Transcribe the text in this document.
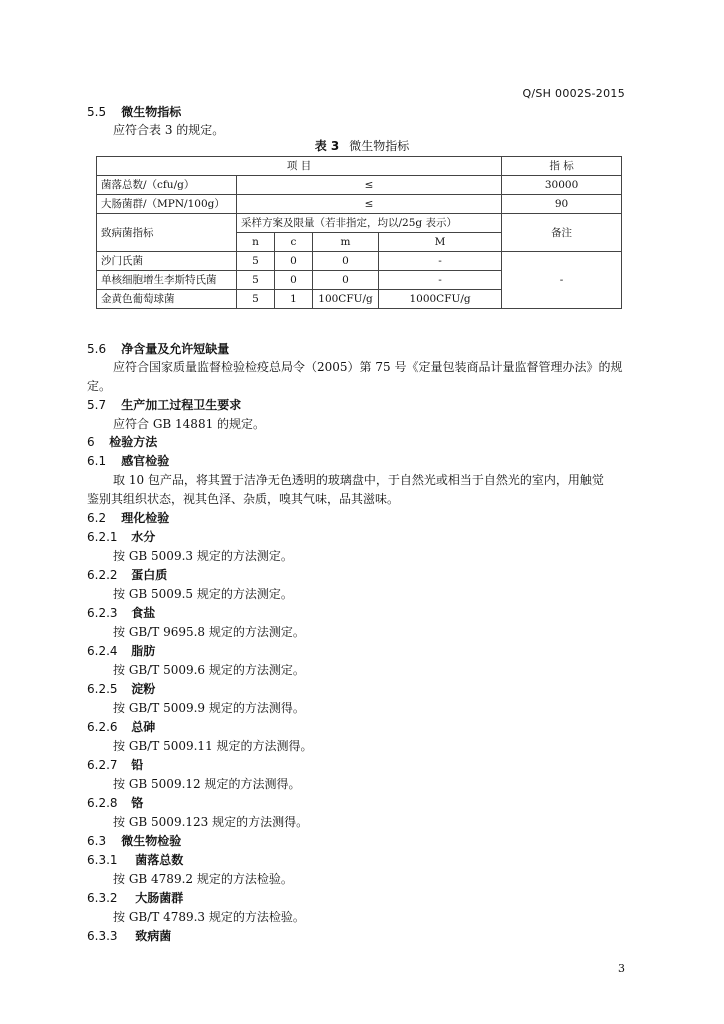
Q/SH 0002S-2015
5.5 微生物指标
应符合表 3 的规定。
表 3 微生物指标
项 目					指 标
菌落总数/（cfu/g）	≤				30000
大肠菌群/（MPN/100g）	≤				90
致病菌指标	采样方案及限量（若非指定，均以/25g 表示）				备注
	n	c	m	M	
沙门氏菌	5	0	0	-	-
单核细胞增生李斯特氏菌	5	0	0	-	
金黄色葡萄球菌	5	1	100CFU/g	1000CFU/g	
5.6 净含量及允许短缺量
应符合国家质量监督检验检疫总局令（2005）第 75 号《定量包装商品计量监督管理办法》的规
定。
5.7 生产加工过程卫生要求
应符合 GB 14881 的规定。
6 检验方法
6.1 感官检验
取 10 包产品，将其置于洁净无色透明的玻璃盘中，于自然光或相当于自然光的室内，用触觉
鉴别其组织状态，视其色泽、杂质，嗅其气味，品其滋味。
6.2 理化检验
6.2.1 水分
按 GB 5009.3 规定的方法测定。
6.2.2 蛋白质
按 GB 5009.5 规定的方法测定。
6.2.3 食盐
按 GB/T 9695.8 规定的方法测定。
6.2.4 脂肪
按 GB/T 5009.6 规定的方法测定。
6.2.5 淀粉
按 GB/T 5009.9 规定的方法测得。
6.2.6 总砷
按 GB/T 5009.11 规定的方法测得。
6.2.7 铅
按 GB 5009.12 规定的方法测得。
6.2.8 铬
按 GB 5009.123 规定的方法测得。
6.3 微生物检验
6.3.1 菌落总数
按 GB 4789.2 规定的方法检验。
6.3.2 大肠菌群
按 GB/T 4789.3 规定的方法检验。
6.3.3 致病菌
3
